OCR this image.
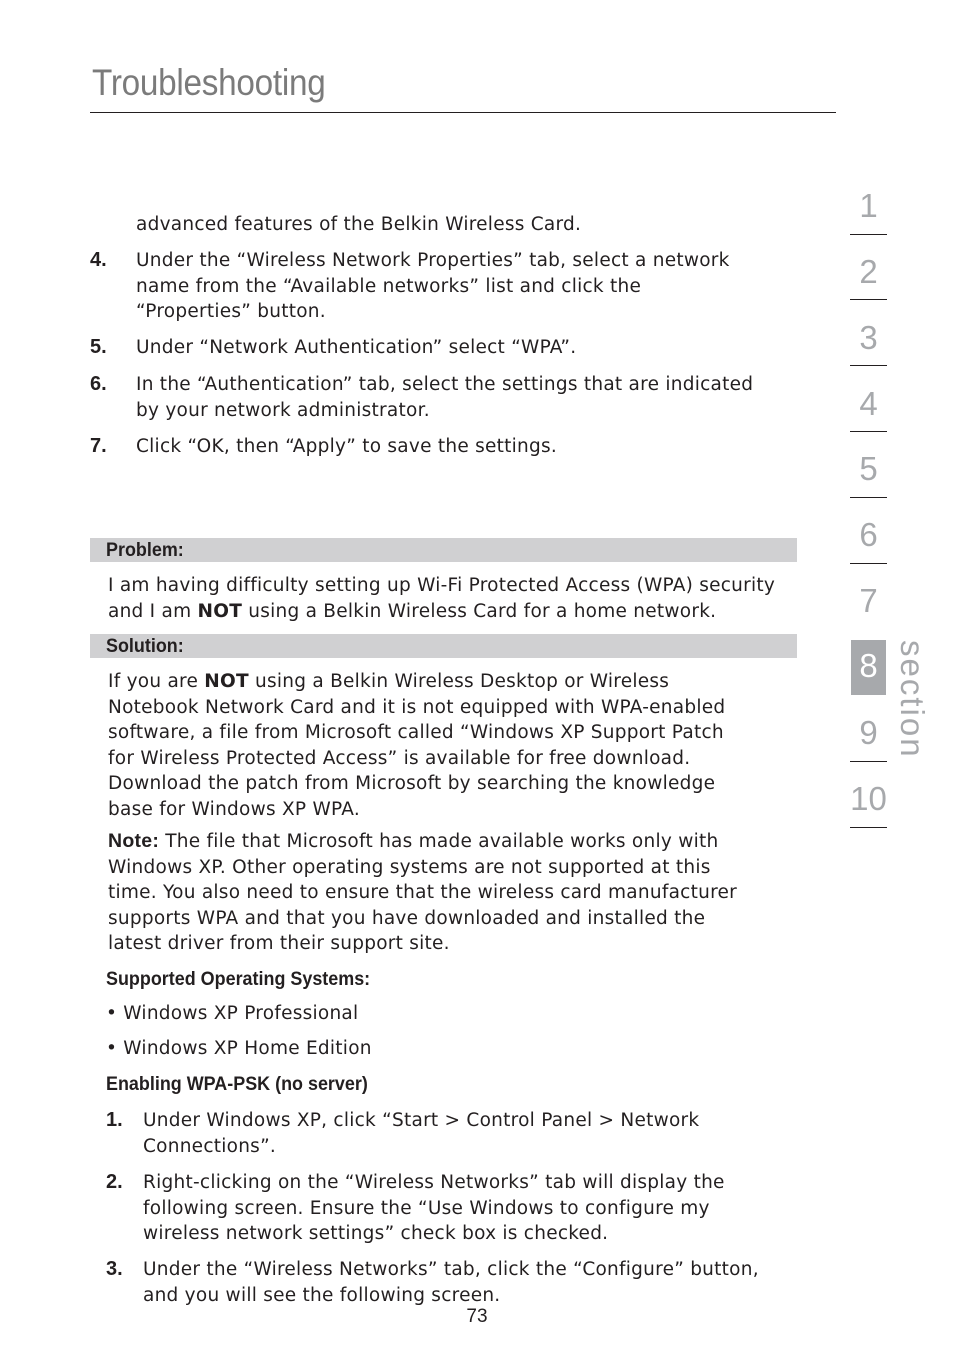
Troubleshooting
advanced features of the Belkin Wireless Card.
4. Under the “Wireless Network Properties” tab, select a network
name from the “Available networks” list and click the
“Properties” button.
5. Under “Network Authentication” select “WPA”.
6. In the “Authentication” tab, select the settings that are indicated
by your network administrator.
7. Click “OK, then “Apply” to save the settings.
Problem:
I am having difficulty setting up Wi-Fi Protected Access (WPA) security
and I am NOT using a Belkin Wireless Card for a home network.
Solution:
If you are NOT using a Belkin Wireless Desktop or Wireless
Notebook Network Card and it is not equipped with WPA-enabled
software, a file from Microsoft called “Windows XP Support Patch
for Wireless Protected Access” is available for free download.
Download the patch from Microsoft by searching the knowledge
base for Windows XP WPA.
Note: The file that Microsoft has made available works only with
Windows XP. Other operating systems are not supported at this
time. You also need to ensure that the wireless card manufacturer
supports WPA and that you have downloaded and installed the
latest driver from their support site.
Supported Operating Systems:
• Windows XP Professional
• Windows XP Home Edition
Enabling WPA-PSK (no server)
1. Under Windows XP, click “Start > Control Panel > Network
Connections”.
2. Right-clicking on the “Wireless Networks” tab will display the
following screen. Ensure the “Use Windows to configure my
wireless network settings” check box is checked.
3. Under the “Wireless Networks” tab, click the “Configure” button,
and you will see the following screen.
1
2
3
4
5
6
7
8
9
10
section
73
